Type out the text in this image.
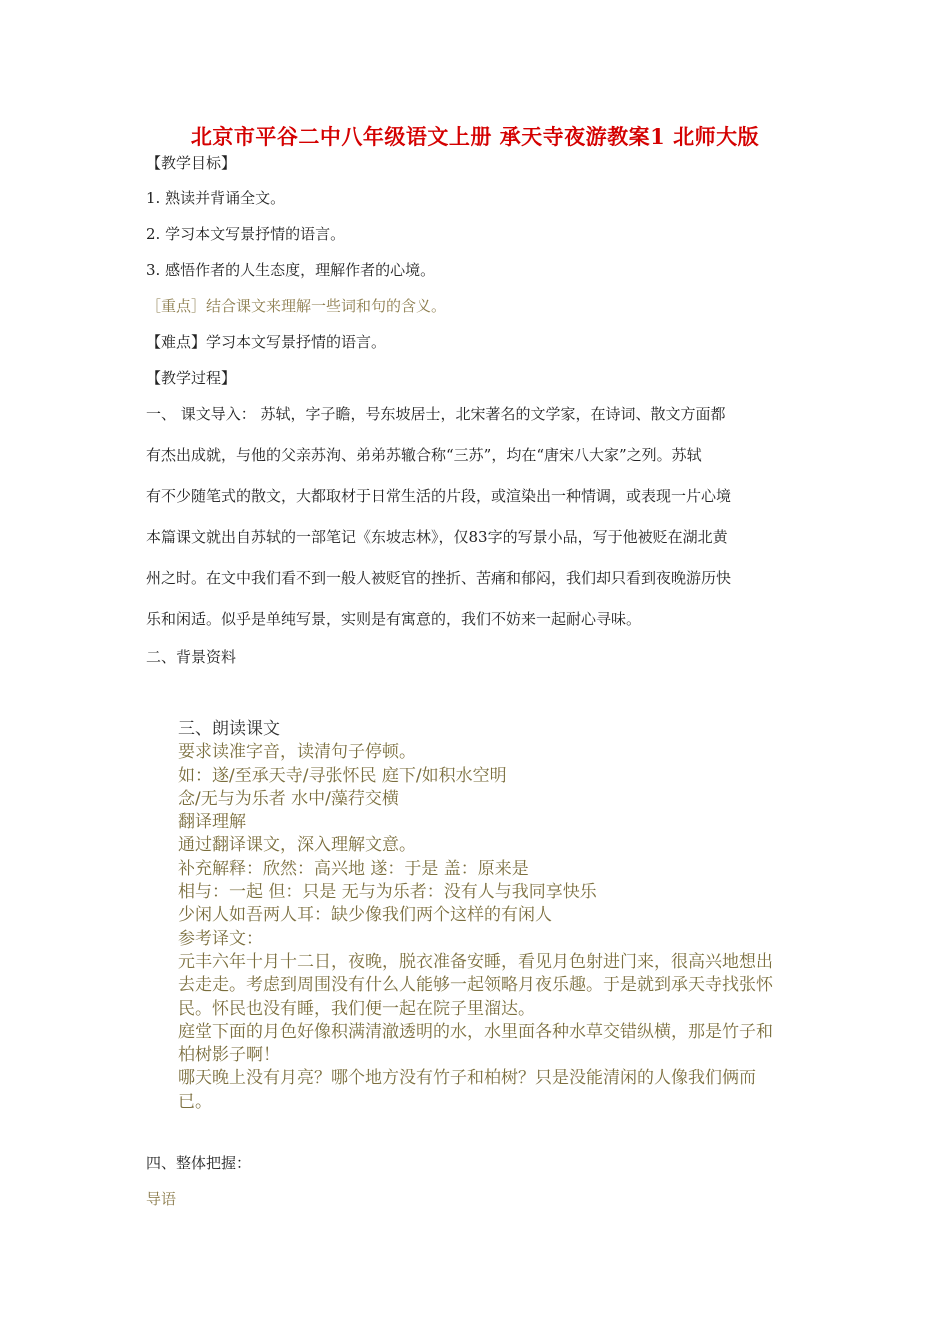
北京市平谷二中八年级语文上册 承天寺夜游教案1 北师大版
【教学目标】
1. 熟读并背诵全文。
2. 学习本文写景抒情的语言。
3. 感悟作者的人生态度，理解作者的心境。
［重点］结合课文来理解一些词和句的含义。
【难点】学习本文写景抒情的语言。
【教学过程】
一、 课文导入： 苏轼，字子瞻，号东坡居士，北宋著名的文学家，在诗词、散文方面都
有杰出成就，与他的父亲苏洵、弟弟苏辙合称“三苏”，均在“唐宋八大家”之列。苏轼
有不少随笔式的散文，大都取材于日常生活的片段，或渲染出一种情调，或表现一片心境
本篇课文就出自苏轼的一部笔记《东坡志林》，仅83字的写景小品，写于他被贬在湖北黄
州之时。在文中我们看不到一般人被贬官的挫折、苦痛和郁闷，我们却只看到夜晚游历快
乐和闲适。似乎是单纯写景，实则是有寓意的，我们不妨来一起耐心寻味。
二、背景资料
三、朗读课文
要求读准字音，读清句子停顿。
如：遂/至承天寺/寻张怀民 庭下/如积水空明
念/无与为乐者 水中/藻荇交横
翻译理解
通过翻译课文，深入理解文意。
补充解释：欣然：高兴地 遂：于是 盖：原来是
相与：一起 但：只是 无与为乐者：没有人与我同享快乐
少闲人如吾两人耳：缺少像我们两个这样的有闲人
参考译文：
元丰六年十月十二日，夜晚，脱衣准备安睡，看见月色射进门来，很高兴地想出
去走走。考虑到周围没有什么人能够一起领略月夜乐趣。于是就到承天寺找张怀
民。怀民也没有睡，我们便一起在院子里溜达。
庭堂下面的月色好像积满清澈透明的水，水里面各种水草交错纵横，那是竹子和
柏树影子啊！
哪天晚上没有月亮？哪个地方没有竹子和柏树？只是没能清闲的人像我们俩而
已。
四、整体把握：
导语
